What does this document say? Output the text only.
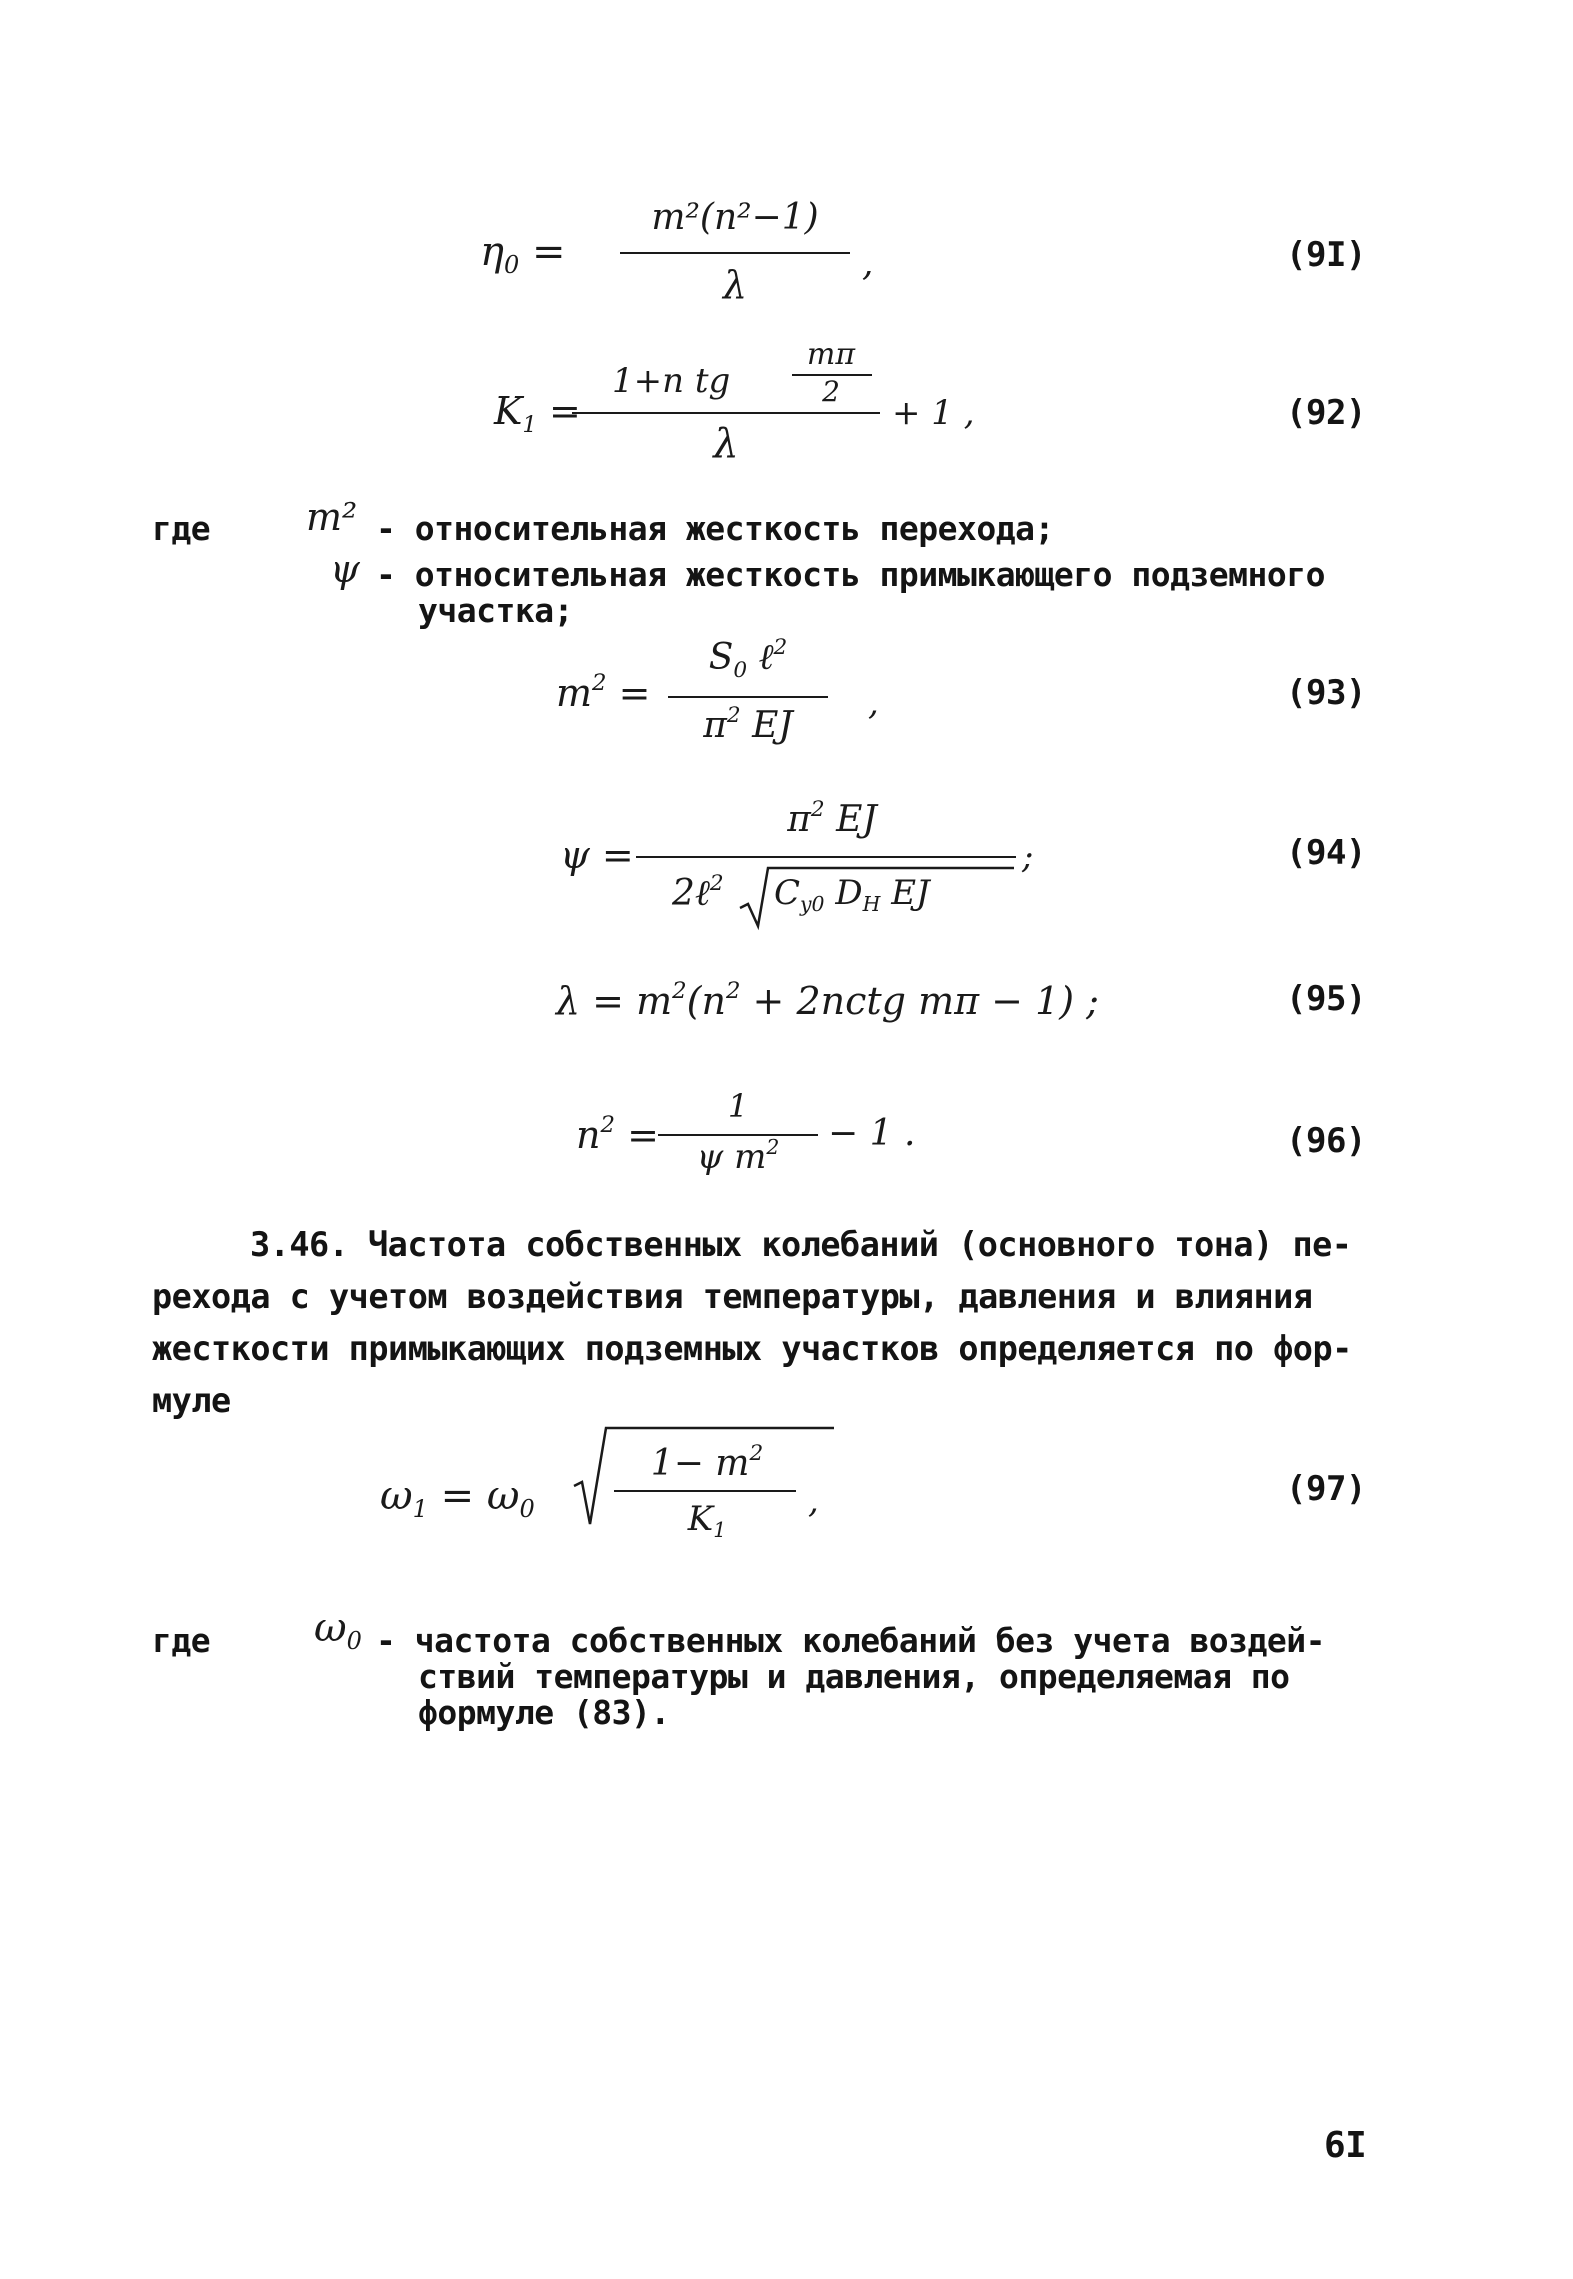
$\eta_0$ =
m²(n²−1)
λ	,	(9I)
$K_1$ =
1+n tg
mπ
2
λ
+ 1 ,	(92)
где	m² - относительная жесткость перехода;
ψ - относительная жесткость примыкающего подземного
участка;
$m^2$ =
$S_0$ ℓ$^2$
$\pi^2$ EJ
,	(93)
ψ =
$\pi^2$ EJ
2ℓ$^2$ $C_{y0}$ $D_H$ EJ
;	(94)
$\lambda = m^2(n^2$ + 2nctg mπ − 1) ;	(95)
$n^2$ =
1
ψ $m^2$	− 1 .	(96)
3.46. Частота собственных колебаний (основного тона) пе-
рехода с учетом воздействия температуры, давления и влияния
жесткости примыкающих подземных участков определяется по фор-
муле
$\omega_1 = \omega_0$
$1- m^2$
$K_1$
,	(97)
где	$\omega_0$ - частота собственных колебаний без учета воздей-
ствий температуры и давления, определяемая по
формуле (83).
6I
